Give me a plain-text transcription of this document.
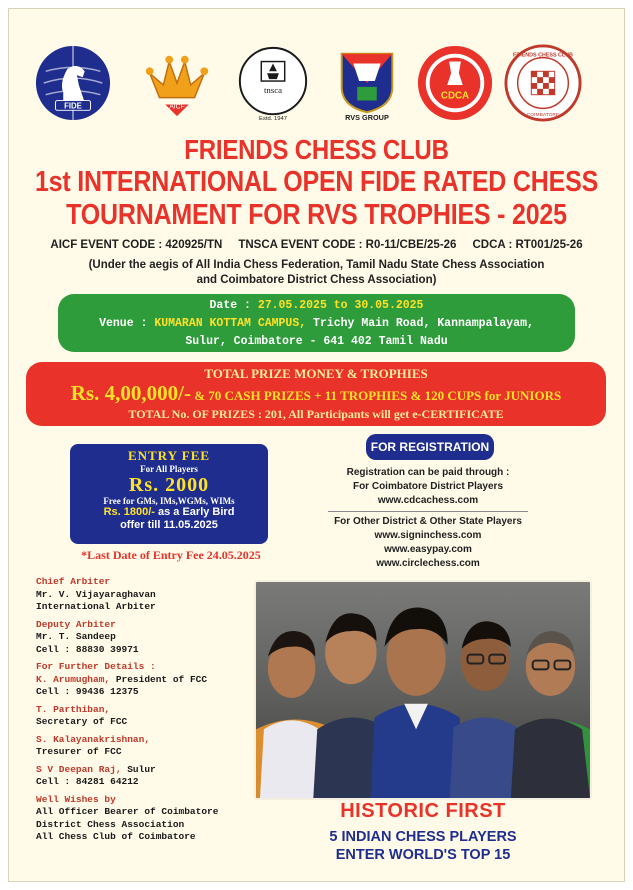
FIDE	AICF
tnsca
Estd. 1947	RVS GROUP
CDCA
FRIENDS CHESS CLUB
COIMBATORE
FRIENDS CHESS CLUB
1st INTERNATIONAL OPEN FIDE RATED CHESS
TOURNAMENT FOR RVS TROPHIES - 2025
AICF EVENT CODE : 420925/TN TNSCA EVENT CODE : R0-11/CBE/25-26 CDCA : RT001/25-26
(Under the aegis of All India Chess Federation, Tamil Nadu State Chess Association
and Coimbatore District Chess Association)
Date : 27.05.2025 to 30.05.2025
Venue : KUMARAN KOTTAM CAMPUS, Trichy Main Road, Kannampalayam,
Sulur, Coimbatore - 641 402 Tamil Nadu
TOTAL PRIZE MONEY & TROPHIES
Rs. 4,00,000/- & 70 CASH PRIZES + 11 TROPHIES & 120 CUPS for JUNIORS
TOTAL No. OF PRIZES : 201, All Participants will get e-CERTIFICATE
ENTRY FEE
For All Players
Rs. 2000
Free for GMs, IMs,WGMs, WIMs
Rs. 1800/- as a Early Bird
offer till 11.05.2025
*Last Date of Entry Fee 24.05.2025
FOR REGISTRATION
Registration can be paid through :
For Coimbatore District Players
www.cdcachess.com
For Other District & Other State Players
www.signinchess.com
www.easypay.com
www.circlechess.com
Chief Arbiter
Mr. V. Vijayaraghavan
International Arbiter
Deputy Arbiter
Mr. T. Sandeep
Cell : 88830 39971
For Further Details :
K. Arumugham, President of FCC
Cell : 99436 12375
T. Parthiban,
Secretary of FCC
S. Kalayanakrishnan,
Tresurer of FCC
S V Deepan Raj, Sulur
Cell : 84281 64212
Well Wishes by
All Officer Bearer of Coimbatore
District Chess Association
All Chess Club of Coimbatore
HISTORIC FIRST
5 INDIAN CHESS PLAYERS
ENTER WORLD'S TOP 15
